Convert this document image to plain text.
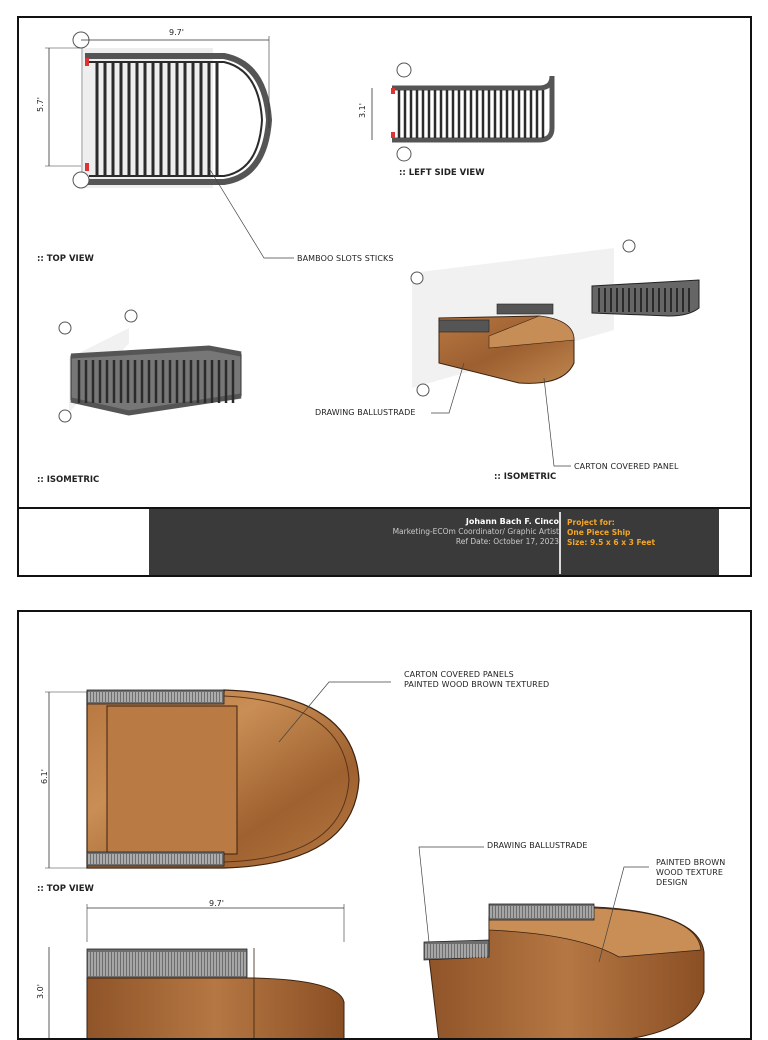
9.7'
5.7'	3.1'
:: LEFT SIDE VIEW
:: TOP VIEW
:: ISOMETRIC	:: ISOMETRIC
BAMBOO SLOTS STICKS
DRAWING BALLUSTRADE
CARTON COVERED PANEL
Johann Bach F. Cinco
Marketing-ECOm Coordinator/ Graphic Artist
Ref Date: October 17, 2023
Project for:
One Piece Ship
Size: 9.5 x 6 x 3 Feet
6.1'
9.7'
3.0'
:: TOP VIEW
CARTON COVERED PANELS
PAINTED WOOD BROWN TEXTURED
DRAWING BALLUSTRADE
PAINTED BROWN
WOOD TEXTURE
DESIGN
